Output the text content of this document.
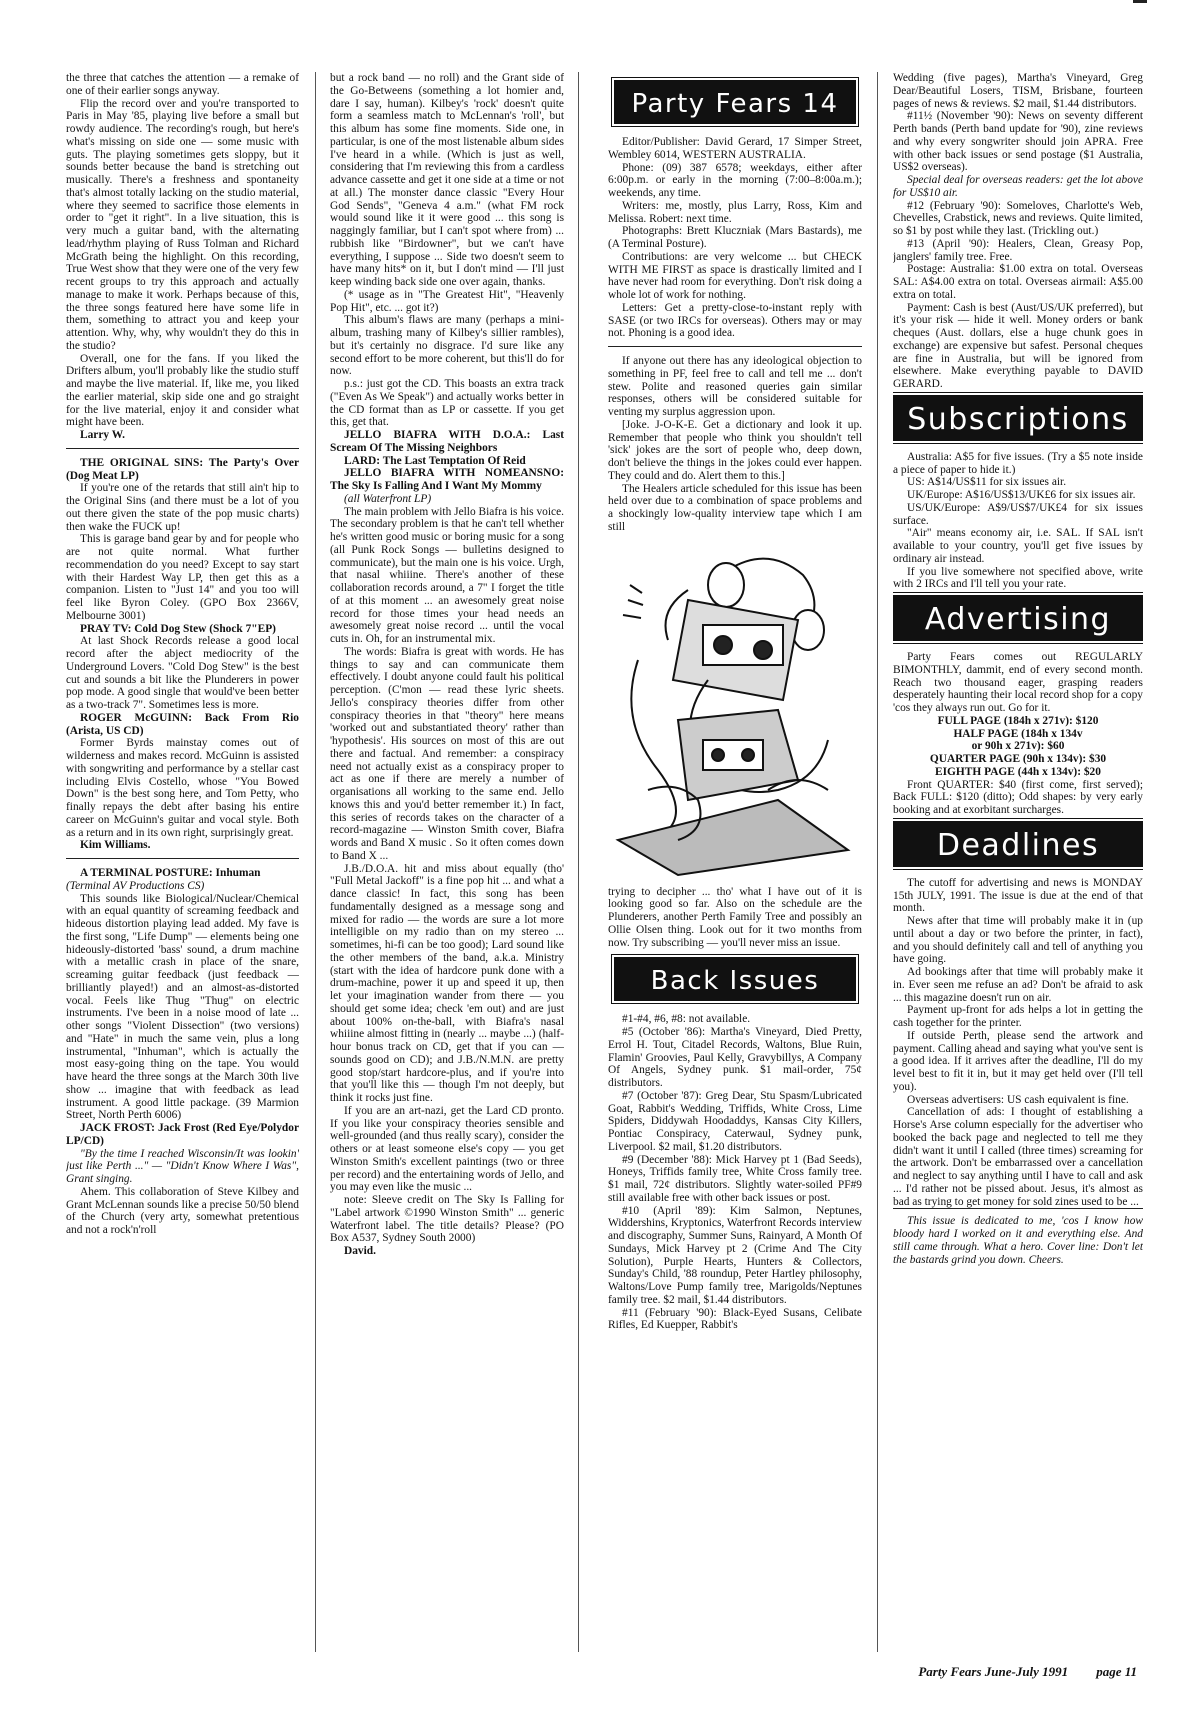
the three that catches the attention — a remake of one of their earlier songs anyway.

Flip the record over and you're transported to Paris in May '85, playing live before a small but rowdy audience. The recording's rough, but here's what's missing on side one — some music with guts. The playing sometimes gets sloppy, but it sounds better because the band is stretching out musically. There's a freshness and spontaneity that's almost totally lacking on the studio material, where they seemed to sacrifice those elements in order to "get it right". In a live situation, this is very much a guitar band, with the alternating lead/rhythm playing of Russ Tolman and Richard McGrath being the highlight. On this recording, True West show that they were one of the very few recent groups to try this approach and actually manage to make it work. Perhaps because of this, the three songs featured here have some life in them, something to attract you and keep your attention. Why, why, why wouldn't they do this in the studio?

Overall, one for the fans. If you liked the Drifters album, you'll probably like the studio stuff and maybe the live material. If, like me, you liked the earlier material, skip side one and go straight for the live material, enjoy it and consider what might have been.

Larry W.

THE ORIGINAL SINS: The Party's Over (Dog Meat LP)

If you're one of the retards that still ain't hip to the Original Sins (and there must be a lot of you out there given the state of the pop music charts) then wake the FUCK up!

This is garage band gear by and for people who are not quite normal. What further recommendation do you need? Except to say start with their Hardest Way LP, then get this as a companion. Listen to "Just 14" and you too will feel like Byron Coley. (GPO Box 2366V, Melbourne 3001)

PRAY TV: Cold Dog Stew (Shock 7"EP)

At last Shock Records release a good local record after the abject mediocrity of the Underground Lovers. "Cold Dog Stew" is the best cut and sounds a bit like the Plunderers in power pop mode. A good single that would've been better as a two-track 7". Sometimes less is more.

ROGER McGUINN: Back From Rio (Arista, US CD)

Former Byrds mainstay comes out of wilderness and makes record. McGuinn is assisted with songwriting and performance by a stellar cast including Elvis Costello, whose "You Bowed Down" is the best song here, and Tom Petty, who finally repays the debt after basing his entire career on McGuinn's guitar and vocal style. Both as a return and in its own right, surprisingly great.

Kim Williams.

A TERMINAL POSTURE: Inhuman

(Terminal AV Productions CS)

This sounds like Biological/Nuclear/Chemical with an equal quantity of screaming feedback and hideous distortion playing lead added. My fave is the first song, "Life Dump" — elements being one hideously-distorted 'bass' sound, a drum machine with a metallic crash in place of the snare, screaming guitar feedback (just feedback — brilliantly played!) and an almost-as-distorted vocal. Feels like Thug "Thug" on electric instruments. I've been in a noise mood of late ... other songs "Violent Dissection" (two versions) and "Hate" in much the same vein, plus a long instrumental, "Inhuman", which is actually the most easy-going thing on the tape. You would have heard the three songs at the March 30th live show ... imagine that with feedback as lead instrument. A good little package. (39 Marmion Street, North Perth 6006)

JACK FROST: Jack Frost (Red Eye/Polydor LP/CD)

"By the time I reached Wisconsin/It was lookin' just like Perth ..." — "Didn't Know Where I Was", Grant singing.

Ahem. This collaboration of Steve Kilbey and Grant McLennan sounds like a precise 50/50 blend of the Church (very arty, somewhat pretentious and not a rock'n'roll

but a rock band — no roll) and the Grant side of the Go-Betweens (something a lot homier and, dare I say, human). Kilbey's 'rock' doesn't quite form a seamless match to McLennan's 'roll', but this album has some fine moments. Side one, in particular, is one of the most listenable album sides I've heard in a while. (Which is just as well, considering that I'm reviewing this from a cardless advance cassette and get it one side at a time or not at all.) The monster dance classic "Every Hour God Sends", "Geneva 4 a.m." (what FM rock would sound like it it were good ... this song is naggingly familiar, but I can't spot where from) ... rubbish like "Birdowner", but we can't have everything, I suppose ... Side two doesn't seem to have many hits* on it, but I don't mind — I'll just keep winding back side one over again, thanks.

(* usage as in "The Greatest Hit", "Heavenly Pop Hit", etc. ... got it?)

This album's flaws are many (perhaps a mini-album, trashing many of Kilbey's sillier rambles), but it's certainly no disgrace. I'd sure like any second effort to be more coherent, but this'll do for now.

p.s.: just got the CD. This boasts an extra track ("Even As We Speak") and actually works better in the CD format than as LP or cassette. If you get this, get that.

JELLO BIAFRA WITH D.O.A.: Last Scream Of The Missing Neighbors

LARD: The Last Temptation Of Reid

JELLO BIAFRA WITH NOMEANSNO: The Sky Is Falling And I Want My Mommy

(all Waterfront LP)

The main problem with Jello Biafra is his voice. The secondary problem is that he can't tell whether he's written good music or boring music for a song (all Punk Rock Songs — bulletins designed to communicate), but the main one is his voice. Urgh, that nasal whiiine. There's another of these collaboration records around, a 7" I forget the title of at this moment ... an awesomely great noise record for those times your head needs an awesomely great noise record ... until the vocal cuts in. Oh, for an instrumental mix.

The words: Biafra is great with words. He has things to say and can communicate them effectively. I doubt anyone could fault his political perception. (C'mon — read these lyric sheets. Jello's conspiracy theories differ from other conspiracy theories in that "theory" here means 'worked out and substantiated theory' rather than 'hypothesis'. His sources on most of this are out there and factual. And remember: a conspiracy need not actually exist as a conspiracy proper to act as one if there are merely a number of organisations all working to the same end. Jello knows this and you'd better remember it.) In fact, this series of records takes on the character of a record-magazine — Winston Smith cover, Biafra words and Band X music . So it often comes down to Band X ...

J.B./D.O.A. hit and miss about equally (tho' "Full Metal Jackoff" is a fine pop hit ... and what a dance classic! In fact, this song has been fundamentally designed as a message song and mixed for radio — the words are sure a lot more intelligible on my radio than on my stereo ... sometimes, hi-fi can be too good); Lard sound like the other members of the band, a.k.a. Ministry (start with the idea of hardcore punk done with a drum-machine, power it up and speed it up, then let your imagination wander from there — you should get some idea; check 'em out) and are just about 100% on-the-ball, with Biafra's nasal whiiine almost fitting in (nearly ... maybe ...) (half-hour bonus track on CD, get that if you can — sounds good on CD); and J.B./N.M.N. are pretty good stop/start hardcore-plus, and if you're into that you'll like this — though I'm not deeply, but think it rocks just fine.

If you are an art-nazi, get the Lard CD pronto. If you like your conspiracy theories sensible and well-grounded (and thus really scary), consider the others or at least someone else's copy — you get Winston Smith's excellent paintings (two or three per record) and the entertaining words of Jello, and you may even like the music ...

note: Sleeve credit on The Sky Is Falling for "Label artwork ©1990 Winston Smith" ... generic Waterfront label. The title details? Please? (PO Box A537, Sydney South 2000)

David.

Party Fears 14

Editor/Publisher: David Gerard, 17 Simper Street, Wembley 6014, WESTERN AUSTRALIA.

Phone: (09) 387 6578; weekdays, either after 6:00p.m. or early in the morning (7:00–8:00a.m.); weekends, any time.

Writers: me, mostly, plus Larry, Ross, Kim and Melissa. Robert: next time.

Photographs: Brett Kluczniak (Mars Bastards), me (A Terminal Posture).

Contributions: are very welcome ... but CHECK WITH ME FIRST as space is drastically limited and I have never had room for everything. Don't risk doing a whole lot of work for nothing.

Letters: Get a pretty-close-to-instant reply with SASE (or two IRCs for overseas). Others may or may not. Phoning is a good idea.

If anyone out there has any ideological objection to something in PF, feel free to call and tell me ... don't stew. Polite and reasoned queries gain similar responses, others will be considered suitable for venting my surplus aggression upon.

[Joke. J-O-K-E. Get a dictionary and look it up. Remember that people who think you shouldn't tell 'sick' jokes are the sort of people who, deep down, don't believe the things in the jokes could ever happen. They could and do. Alert them to this.]

The Healers article scheduled for this issue has been held over due to a combination of space problems and a shockingly low-quality interview tape which I am still

trying to decipher ... tho' what I have out of it is looking good so far. Also on the schedule are the Plunderers, another Perth Family Tree and possibly an Ollie Olsen thing. Look out for it two months from now. Try subscribing — you'll never miss an issue.

Back Issues

#1-#4, #6, #8: not available.

#5 (October '86): Martha's Vineyard, Died Pretty, Errol H. Tout, Citadel Records, Waltons, Blue Ruin, Flamin' Groovies, Paul Kelly, Gravybillys, A Company Of Angels, Sydney punk. $1 mail-order, 75¢ distributors.

#7 (October '87): Greg Dear, Stu Spasm/Lubricated Goat, Rabbit's Wedding, Triffids, White Cross, Lime Spiders, Diddywah Hoodaddys, Kansas City Killers, Pontiac Conspiracy, Caterwaul, Sydney punk, Liverpool. $2 mail, $1.20 distributors.

#9 (December '88): Mick Harvey pt 1 (Bad Seeds), Honeys, Triffids family tree, White Cross family tree. $1 mail, 72¢ distributors. Slightly water-soiled PF#9 still available free with other back issues or post.

#10 (April '89): Kim Salmon, Neptunes, Widdershins, Kryptonics, Waterfront Records interview and discography, Summer Suns, Rainyard, A Month Of Sundays, Mick Harvey pt 2 (Crime And The City Solution), Purple Hearts, Hunters & Collectors, Sunday's Child, '88 roundup, Peter Hartley philosophy, Waltons/Love Pump family tree, Marigolds/Neptunes family tree. $2 mail, $1.44 distributors.

#11 (February '90): Black-Eyed Susans, Celibate Rifles, Ed Kuepper, Rabbit's

Wedding (five pages), Martha's Vineyard, Greg Dear/Beautiful Losers, TISM, Brisbane, fourteen pages of news & reviews. $2 mail, $1.44 distributors.

#11½ (November '90): News on seventy different Perth bands (Perth band update for '90), zine reviews and why every songwriter should join APRA. Free with other back issues or send postage ($1 Australia, US$2 overseas).

Special deal for overseas readers: get the lot above for US$10 air.

#12 (February '90): Someloves, Charlotte's Web, Chevelles, Crabstick, news and reviews. Quite limited, so $1 by post while they last. (Trickling out.)

#13 (April '90): Healers, Clean, Greasy Pop, janglers' family tree. Free.

Postage: Australia: $1.00 extra on total. Overseas SAL: A$4.00 extra on total. Overseas airmail: A$5.00 extra on total.

Payment: Cash is best (Aust/US/UK preferred), but it's your risk — hide it well. Money orders or bank cheques (Aust. dollars, else a huge chunk goes in exchange) are expensive but safest. Personal cheques are fine in Australia, but will be ignored from elsewhere. Make everything payable to DAVID GERARD.

Subscriptions

Australia: A$5 for five issues. (Try a $5 note inside a piece of paper to hide it.)

US: A$14/US$11 for six issues air.

UK/Europe: A$16/US$13/UK£6 for six issues air.

US/UK/Europe: A$9/US$7/UK£4 for six issues surface.

"Air" means economy air, i.e. SAL. If SAL isn't available to your country, you'll get five issues by ordinary air instead.

If you live somewhere not specified above, write with 2 IRCs and I'll tell you your rate.

Advertising

Party Fears comes out REGULARLY BIMONTHLY, dammit, end of every second month. Reach two thousand eager, grasping readers desperately haunting their local record shop for a copy 'cos they always run out. Go for it.

FULL PAGE (184h x 271v): $120

HALF PAGE (184h x 134v

or 90h x 271v): $60

QUARTER PAGE (90h x 134v): $30

EIGHTH PAGE (44h x 134v): $20

Front QUARTER: $40 (first come, first served); Back FULL: $120 (ditto); Odd shapes: by very early booking and at exorbitant surcharges.

Deadlines

The cutoff for advertising and news is MONDAY 15th JULY, 1991. The issue is due at the end of that month.

News after that time will probably make it in (up until about a day or two before the printer, in fact), and you should definitely call and tell of anything you have going.

Ad bookings after that time will probably make it in. Ever seen me refuse an ad? Don't be afraid to ask ... this magazine doesn't run on air.

Payment up-front for ads helps a lot in getting the cash together for the printer.

If outside Perth, please send the artwork and payment. Calling ahead and saying what you've sent is a good idea. If it arrives after the deadline, I'll do my level best to fit it in, but it may get held over (I'll tell you).

Overseas advertisers: US cash equivalent is fine.

Cancellation of ads: I thought of establishing a Horse's Arse column especially for the advertiser who booked the back page and neglected to tell me they didn't want it until I called (three times) screaming for the artwork. Don't be embarrassed over a cancellation and neglect to say anything until I have to call and ask ... I'd rather not be pissed about. Jesus, it's almost as bad as trying to get money for sold zines used to be ...

This issue is dedicated to me, 'cos I know how bloody hard I worked on it and everything else. And still came through. What a hero. Cover line: Don't let the bastards grind you down. Cheers.

Party Fears June-July 1991 page 11
